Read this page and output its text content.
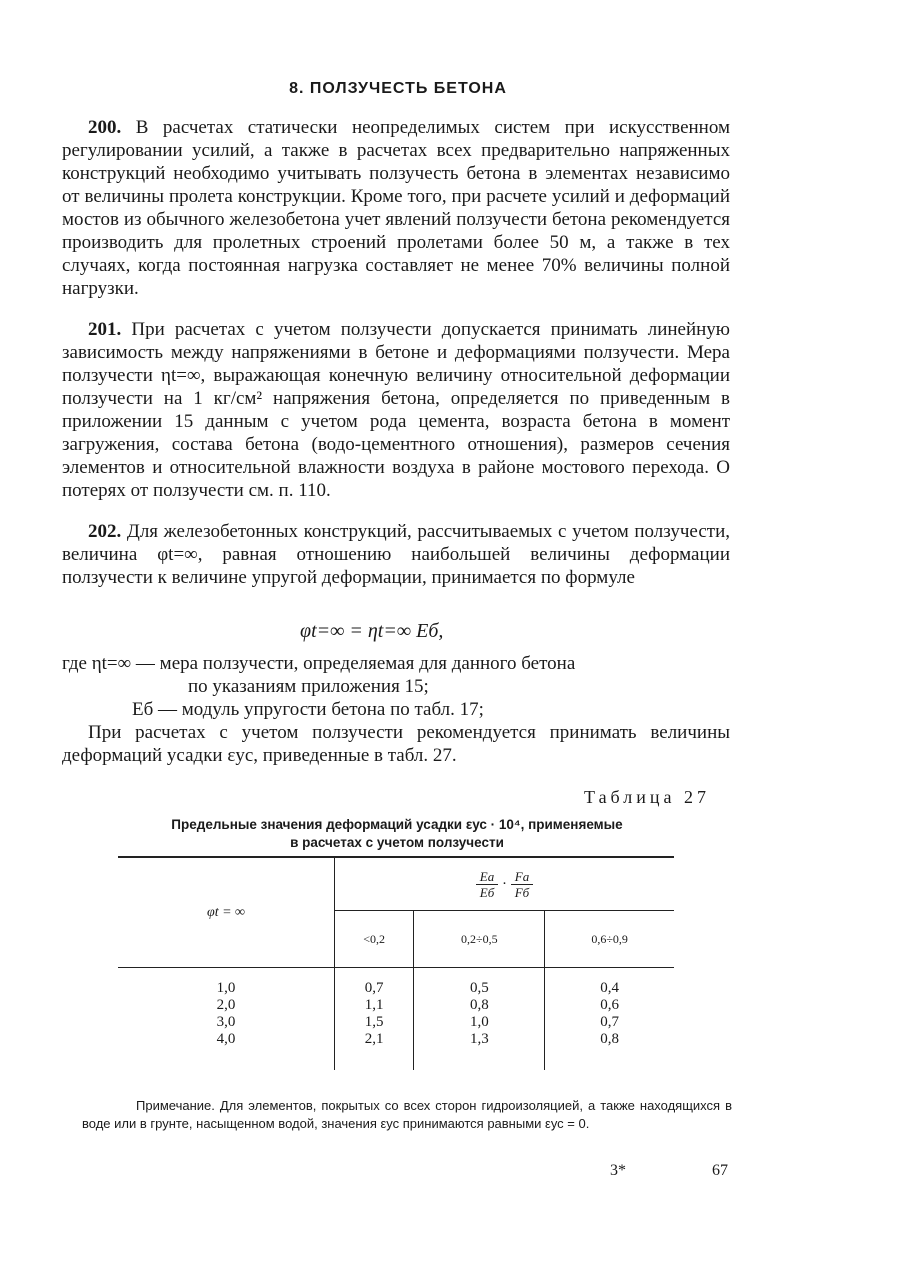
8. ПОЛЗУЧЕСТЬ БЕТОНА

200. В расчетах статически неопределимых систем при искусственном регулировании усилий, а также в расчетах всех предварительно напряженных конструкций необходимо учитывать ползучесть бетона в элементах независимо от величины пролета конструкции. Кроме того, при расчете усилий и деформаций мостов из обычного железобетона учет явлений ползучести бетона рекомендуется производить для пролетных строений пролетами более 50 м, а также в тех случаях, когда постоянная нагрузка составляет не менее 70% величины полной нагрузки.

201. При расчетах с учетом ползучести допускается принимать линейную зависимость между напряжениями в бетоне и деформациями ползучести. Мера ползучести ηt=∞, выражающая конечную величину относительной деформации ползучести на 1 кг/см² напряжения бетона, определяется по приведенным в приложении 15 данным с учетом рода цемента, возраста бетона в момент загружения, состава бетона (водо-цементного отношения), размеров сечения элементов и относительной влажности воздуха в районе мостового перехода. О потерях от ползучести см. п. 110.

202. Для железобетонных конструкций, рассчитываемых с учетом ползучести, величина φt=∞, равная отношению наибольшей величины деформации ползучести к величине упругой деформации, принимается по формуле

φt=∞ = ηt=∞ Eб,
где ηt=∞ — мера ползучести, определяемая для данного бетона
по указаниям приложения 15;
Eб — модуль упругости бетона по табл. 17;

При расчетах с учетом ползучести рекомендуется принимать величины деформаций усадки εус, приведенные в табл. 27.

Таблица 27
Предельные значения деформаций усадки εус · 10⁴, применяемые
в расчетах с учетом ползучести
φt = ∞	$\frac{Eа}{Eб} \cdot \frac{Fа}{Fб}$

	<0,2	0,2÷0,5	0,6÷0,9
1,0	0,7	0,5	0,4
2,0	1,1	0,8	0,6
3,0	1,5	1,0	0,7
4,0	2,1	1,3	0,8
Примечание. Для элементов, покрытых со всех сторон гидроизоляцией, а также находящихся в воде или в грунте, насыщенном водой, значения εус принимаются равными εус = 0.
3*	67
